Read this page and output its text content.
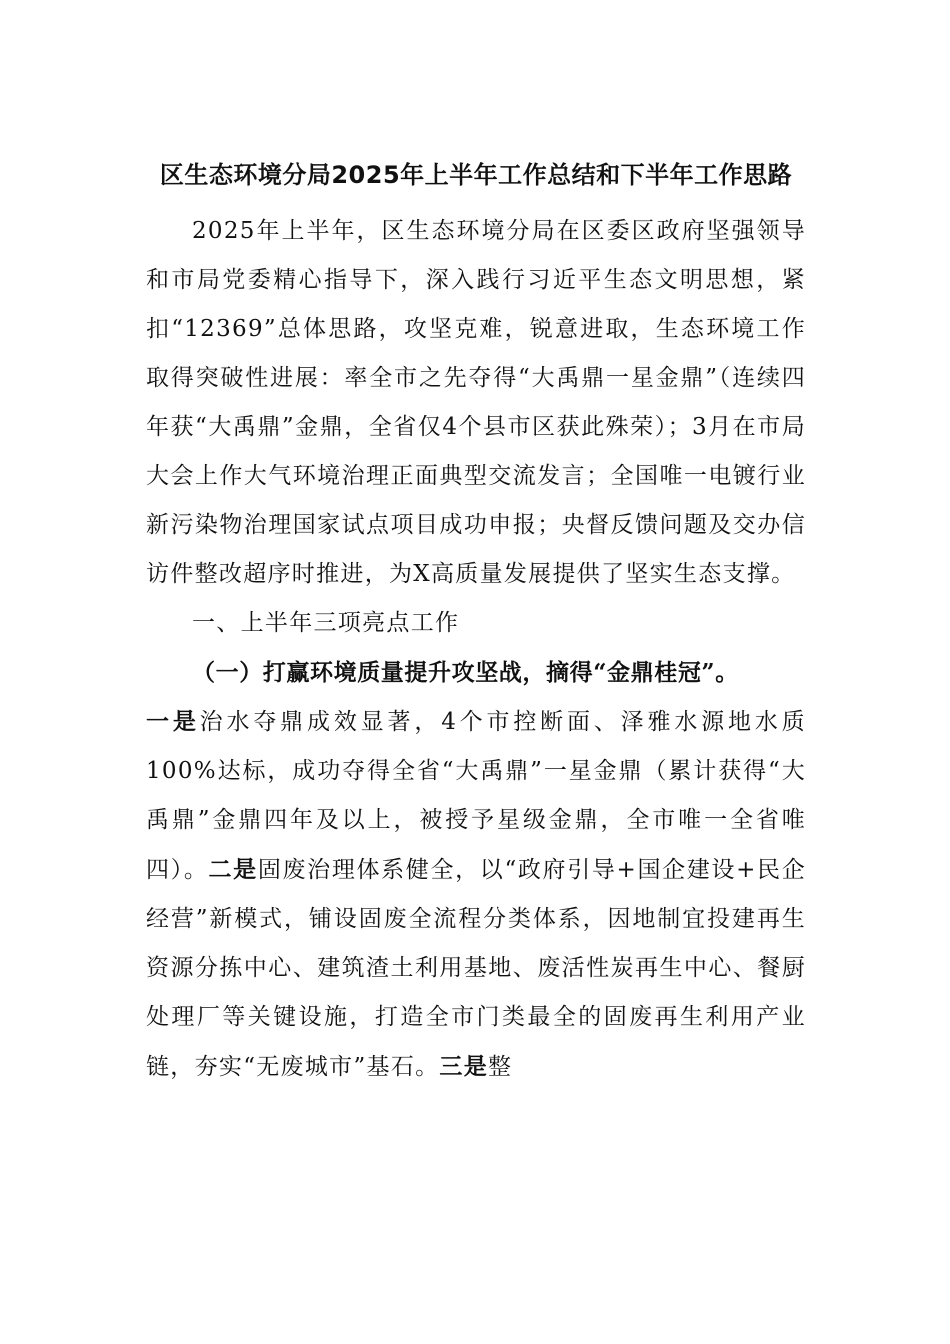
区生态环境分局2025年上半年工作总结和下半年工作思路

2025年上半年，区生态环境分局在区委区政府坚强领导和市局党委精心指导下，深入践行习近平生态文明思想，紧扣“12369”总体思路，攻坚克难，锐意进取，生态环境工作取得突破性进展：率全市之先夺得“大禹鼎一星金鼎”（连续四年获“大禹鼎”金鼎，全省仅4个县市区获此殊荣）；3月在市局大会上作大气环境治理正面典型交流发言；全国唯一电镀行业新污染物治理国家试点项目成功申报；央督反馈问题及交办信访件整改超序时推进，为X高质量发展提供了坚实生态支撑。

一、上半年三项亮点工作

（一）打赢环境质量提升攻坚战，摘得“金鼎桂冠”。

一是治水夺鼎成效显著，4个市控断面、泽雅水源地水质100%达标，成功夺得全省“大禹鼎”一星金鼎（累计获得“大禹鼎”金鼎四年及以上，被授予星级金鼎，全市唯一全省唯四）。二是固废治理体系健全，以“政府引导+国企建设+民企经营”新模式，铺设固废全流程分类体系，因地制宜投建再生资源分拣中心、建筑渣土利用基地、废活性炭再生中心、餐厨处理厂等关键设施，打造全市门类最全的固废再生利用产业链，夯实“无废城市”基石。三是整
